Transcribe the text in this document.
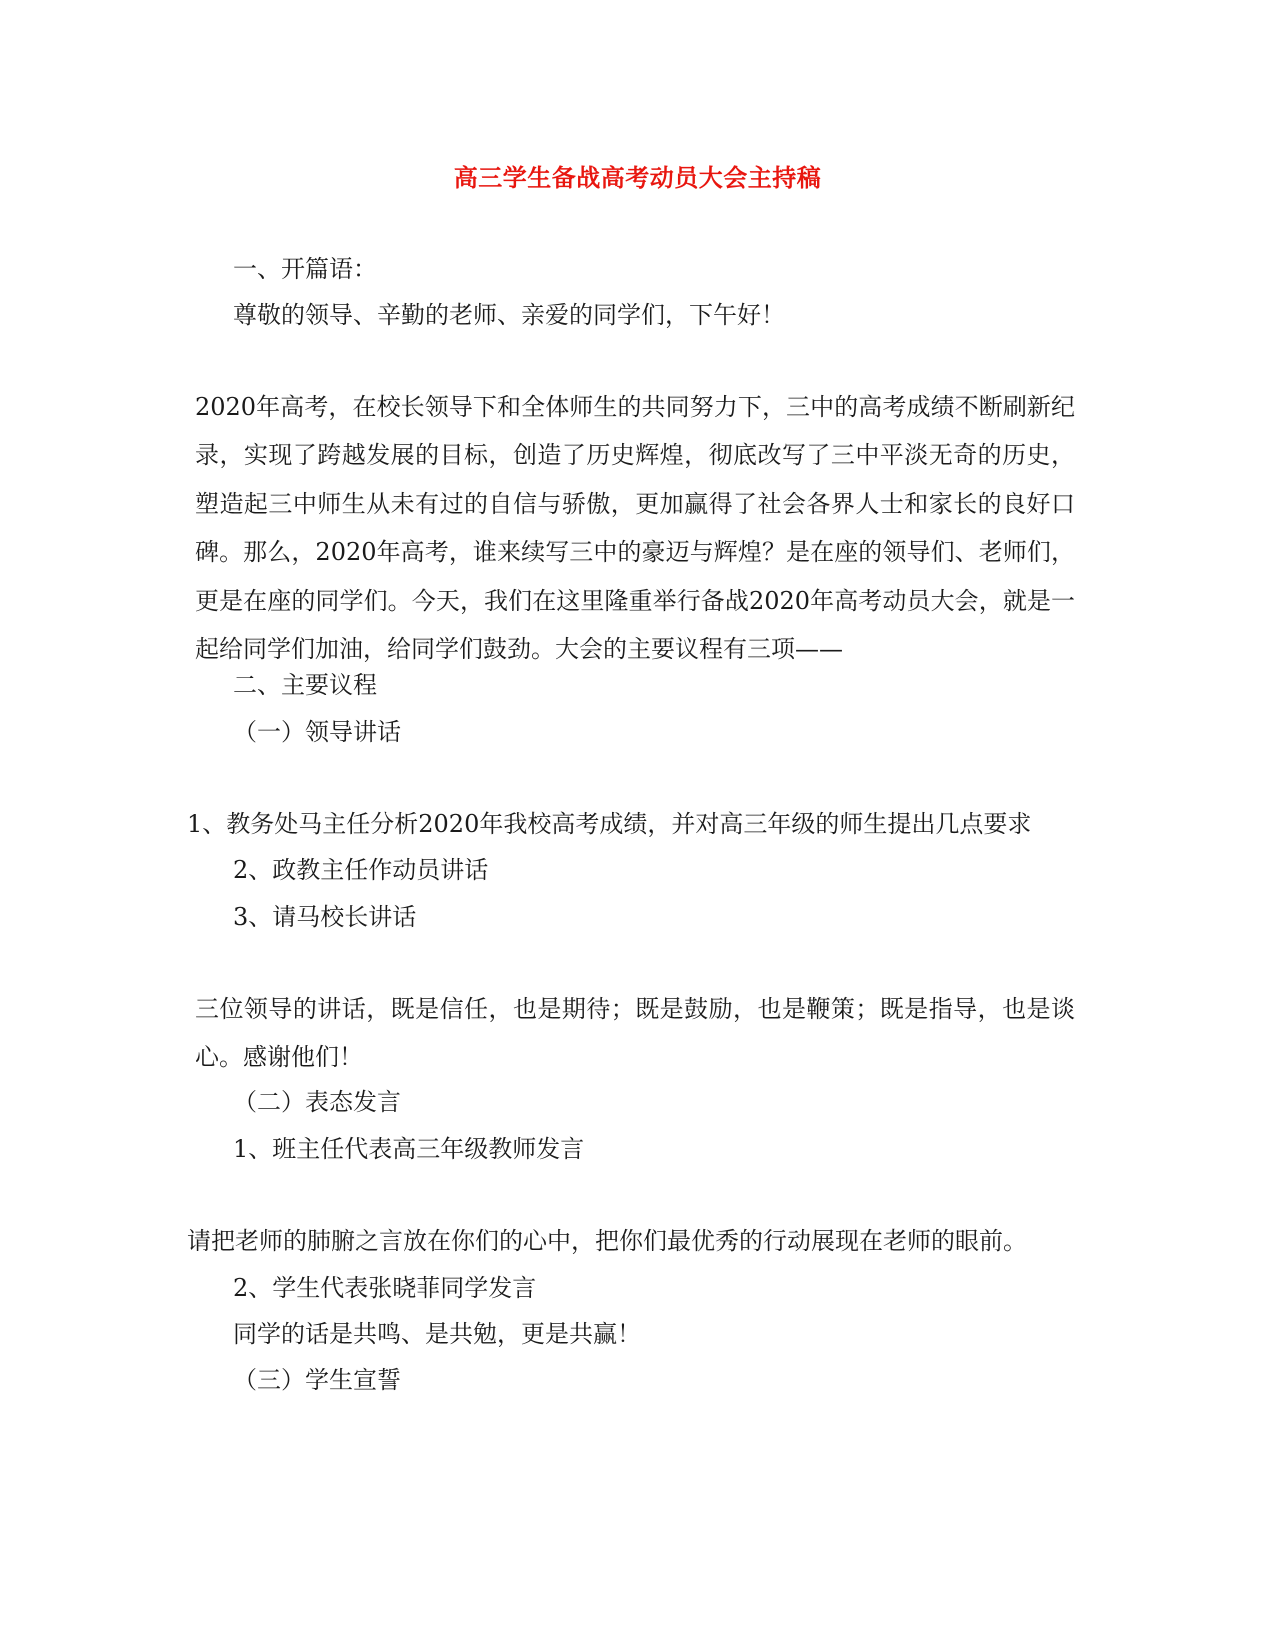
高三学生备战高考动员大会主持稿
一、开篇语：
尊敬的领导、辛勤的老师、亲爱的同学们，下午好！
2020年高考，在校长领导下和全体师生的共同努力下，三中的高考成绩不断刷新纪录，实现了跨越发展的目标，创造了历史辉煌，彻底改写了三中平淡无奇的历史，塑造起三中师生从未有过的自信与骄傲，更加赢得了社会各界人士和家长的良好口碑。那么，2020年高考，谁来续写三中的豪迈与辉煌？是在座的领导们、老师们，更是在座的同学们。今天，我们在这里隆重举行备战2020年高考动员大会，就是一起给同学们加油，给同学们鼓劲。大会的主要议程有三项——
二、主要议程
（一）领导讲话
1、教务处马主任分析2020年我校高考成绩，并对高三年级的师生提出几点要求
2、政教主任作动员讲话
3、请马校长讲话
三位领导的讲话，既是信任，也是期待；既是鼓励，也是鞭策；既是指导，也是谈心。感谢他们！
（二）表态发言
1、班主任代表高三年级教师发言
请把老师的肺腑之言放在你们的心中，把你们最优秀的行动展现在老师的眼前。
2、学生代表张晓菲同学发言
同学的话是共鸣、是共勉，更是共赢！
（三）学生宣誓
